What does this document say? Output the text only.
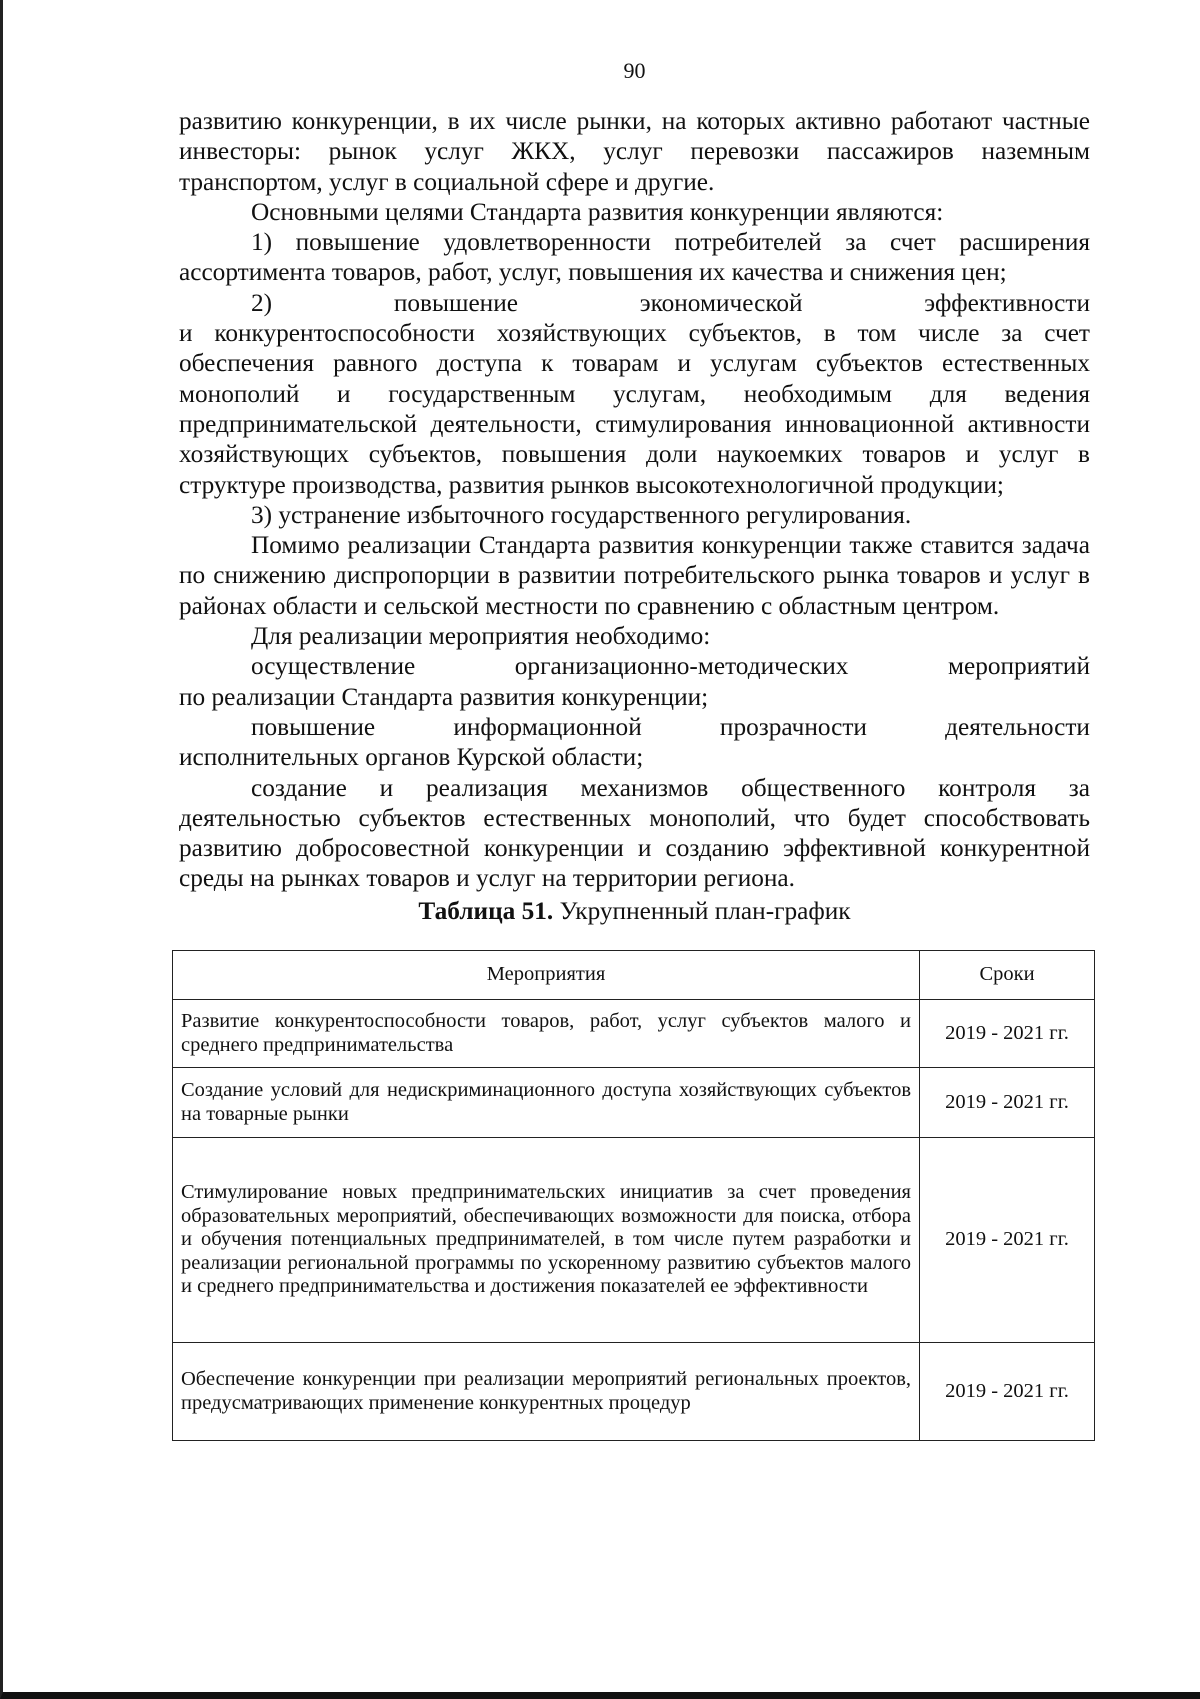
90

развитию конкуренции, в их числе рынки, на которых активно работают частные инвесторы: рынок услуг ЖКХ, услуг перевозки пассажиров наземным транспортом, услуг в социальной сфере и другие.

Основными целями Стандарта развития конкуренции являются:

1) повышение удовлетворенности потребителей за счет расширения ассортимента товаров, работ, услуг, повышения их качества и снижения цен;

2)	повышение	экономической	эффективности

и конкурентоспособности хозяйствующих субъектов, в том числе за счет обеспечения равного доступа к товарам и услугам субъектов естественных монополий и государственным услугам, необходимым для ведения предпринимательской деятельности, стимулирования инновационной активности хозяйствующих субъектов, повышения доли наукоемких товаров и услуг в структуре производства, развития рынков высокотехнологичной продукции;

3) устранение избыточного государственного регулирования.

Помимо реализации Стандарта развития конкуренции также ставится задача по снижению диспропорции в развитии потребительского рынка товаров и услуг в районах области и сельской местности по сравнению с областным центром.

Для реализации мероприятия необходимо:

осуществление	организационно-методических	мероприятий

по реализации Стандарта развития конкуренции;

повышение	информационной	прозрачности	деятельности

исполнительных органов Курской области;

создание и реализация механизмов общественного контроля за деятельностью субъектов естественных монополий, что будет способствовать развитию добросовестной конкуренции и созданию эффективной конкурентной среды на рынках товаров и услуг на территории региона.

Таблица 51. Укрупненный план-график
Мероприятия	Сроки
Развитие конкурентоспособности товаров, работ, услуг субъектов малого и среднего предпринимательства	2019 - 2021 гг.
Создание условий для недискриминационного доступа хозяйствующих субъектов на товарные рынки	2019 - 2021 гг.
Стимулирование новых предпринимательских инициатив за счет проведения образовательных мероприятий, обеспечивающих возможности для поиска, отбора и обучения потенциальных предпринимателей, в том числе путем разработки и реализации региональной программы по ускоренному развитию субъектов малого и среднего предпринимательства и достижения показателей ее эффективности	2019 - 2021 гг.
Обеспечение конкуренции при реализации мероприятий региональных проектов, предусматривающих применение конкурентных процедур	2019 - 2021 гг.
